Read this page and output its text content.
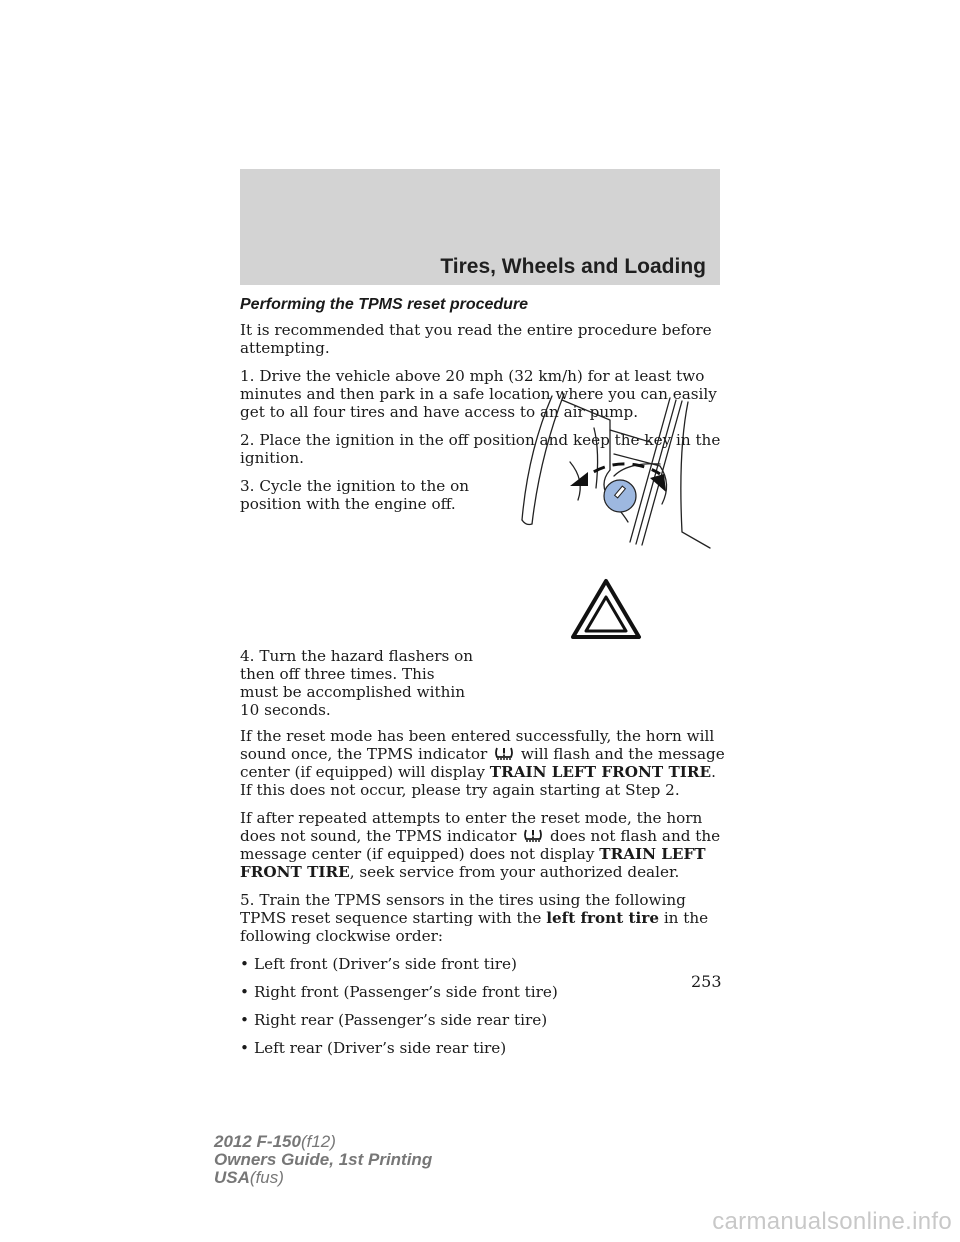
Tires, Wheels and Loading
Performing the TPMS reset procedure

It is recommended that you read the entire procedure before attempting.

1. Drive the vehicle above 20 mph (32 km/h) for at least two minutes and then park in a safe location where you can easily get to all four tires and have access to an air pump.

2. Place the ignition in the off position and keep the key in the ignition.

3. Cycle the ignition to the on position with the engine off.
4. Turn the hazard flashers on then off three times. This must be accomplished within 10 seconds.

If the reset mode has been entered successfully, the horn will sound once, the TPMS indicator will flash and the message center (if equipped) will display TRAIN LEFT FRONT TIRE. If this does not occur, please try again starting at Step 2.

If after repeated attempts to enter the reset mode, the horn does not sound, the TPMS indicator does not flash and the message center (if equipped) does not display TRAIN LEFT FRONT TIRE, seek service from your authorized dealer.

5. Train the TPMS sensors in the tires using the following TPMS reset sequence starting with the left front tire in the following clockwise order:

• Left front (Driver’s side front tire)
• Right front (Passenger’s side front tire)
• Right rear (Passenger’s side rear tire)
• Left rear (Driver’s side rear tire)
253
2012 F-150(f12)
Owners Guide, 1st Printing
USA(fus)
carmanualsonline.info
